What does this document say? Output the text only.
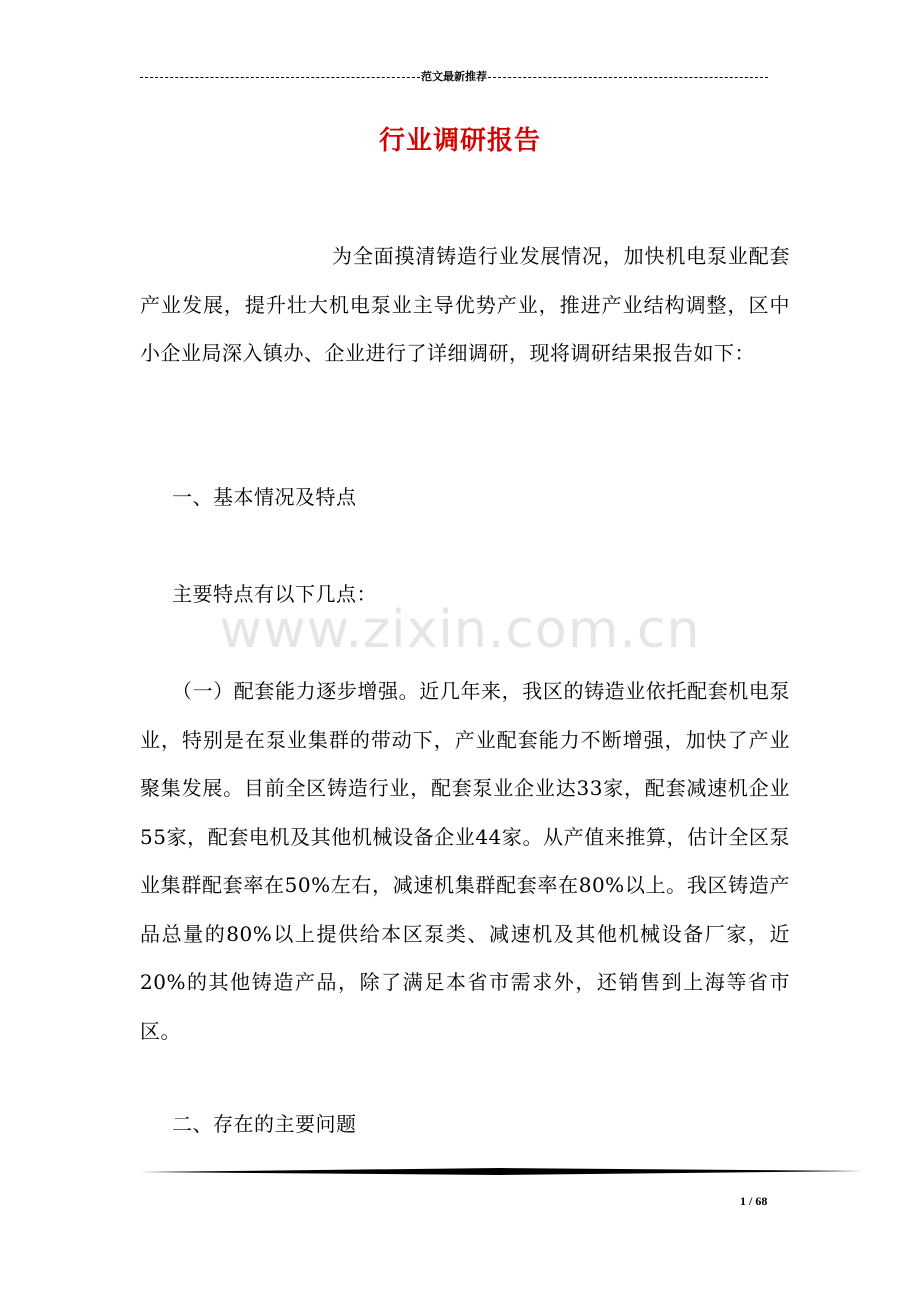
范文最新推荐
行业调研报告

为全面摸清铸造行业发展情况，加快机电泵业配套产业发展，提升壮大机电泵业主导优势产业，推进产业结构调整，区中小企业局深入镇办、企业进行了详细调研，现将调研结果报告如下：

一、基本情况及特点

主要特点有以下几点：

（一）配套能力逐步增强。近几年来，我区的铸造业依托配套机电泵业，特别是在泵业集群的带动下，产业配套能力不断增强，加快了产业聚集发展。目前全区铸造行业，配套泵业企业达33家，配套减速机企业55家，配套电机及其他机械设备企业44家。从产值来推算，估计全区泵业集群配套率在50%左右，减速机集群配套率在80%以上。我区铸造产品总量的80%以上提供给本区泵类、减速机及其他机械设备厂家，近20%的其他铸造产品，除了满足本省市需求外，还销售到上海等省市区。

二、存在的主要问题

www.zixin.com.cn
1 / 68
